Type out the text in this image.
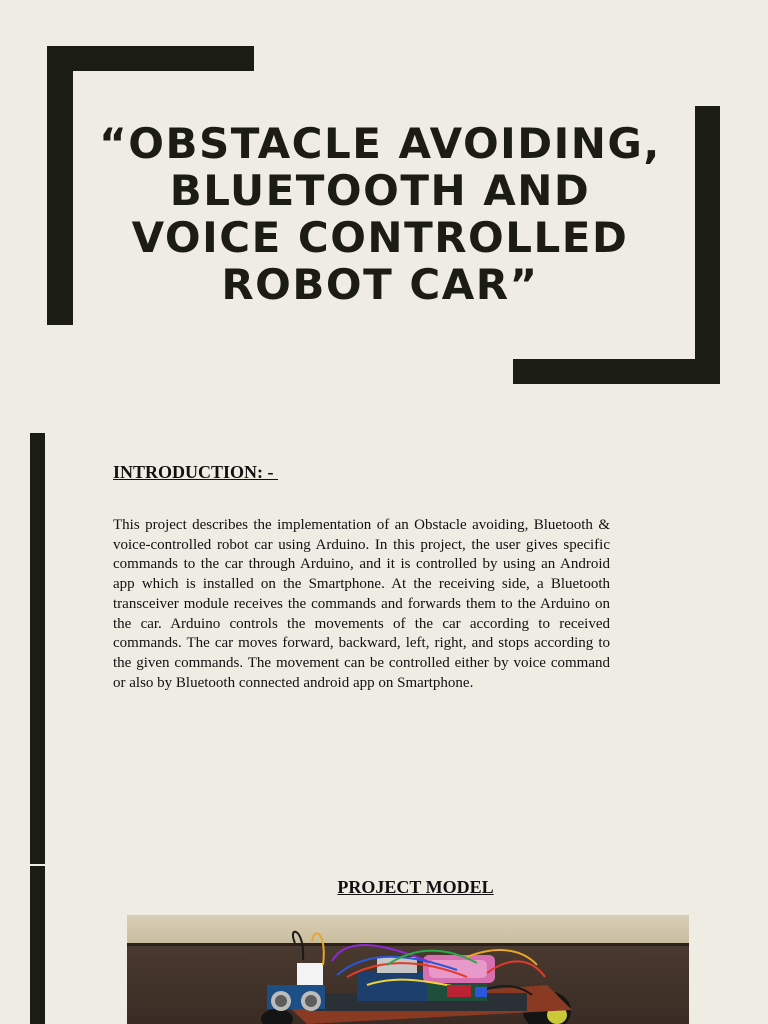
“OBSTACLE AVOIDING, BLUETOOTH AND VOICE CONTROLLED ROBOT CAR”

INTRODUCTION: -

This project describes the implementation of an Obstacle avoiding, Bluetooth & voice-controlled robot car using Arduino. In this project, the user gives specific commands to the car through Arduino, and it is controlled by using an Android app which is installed on the Smartphone. At the receiving side, a Bluetooth transceiver module receives the commands and forwards them to the Arduino on the car. Arduino controls the movements of the car according to received commands. The car moves forward, backward, left, right, and stops according to the given commands. The movement can be controlled either by voice command or also by Bluetooth connected android app on Smartphone.

PROJECT MODEL
